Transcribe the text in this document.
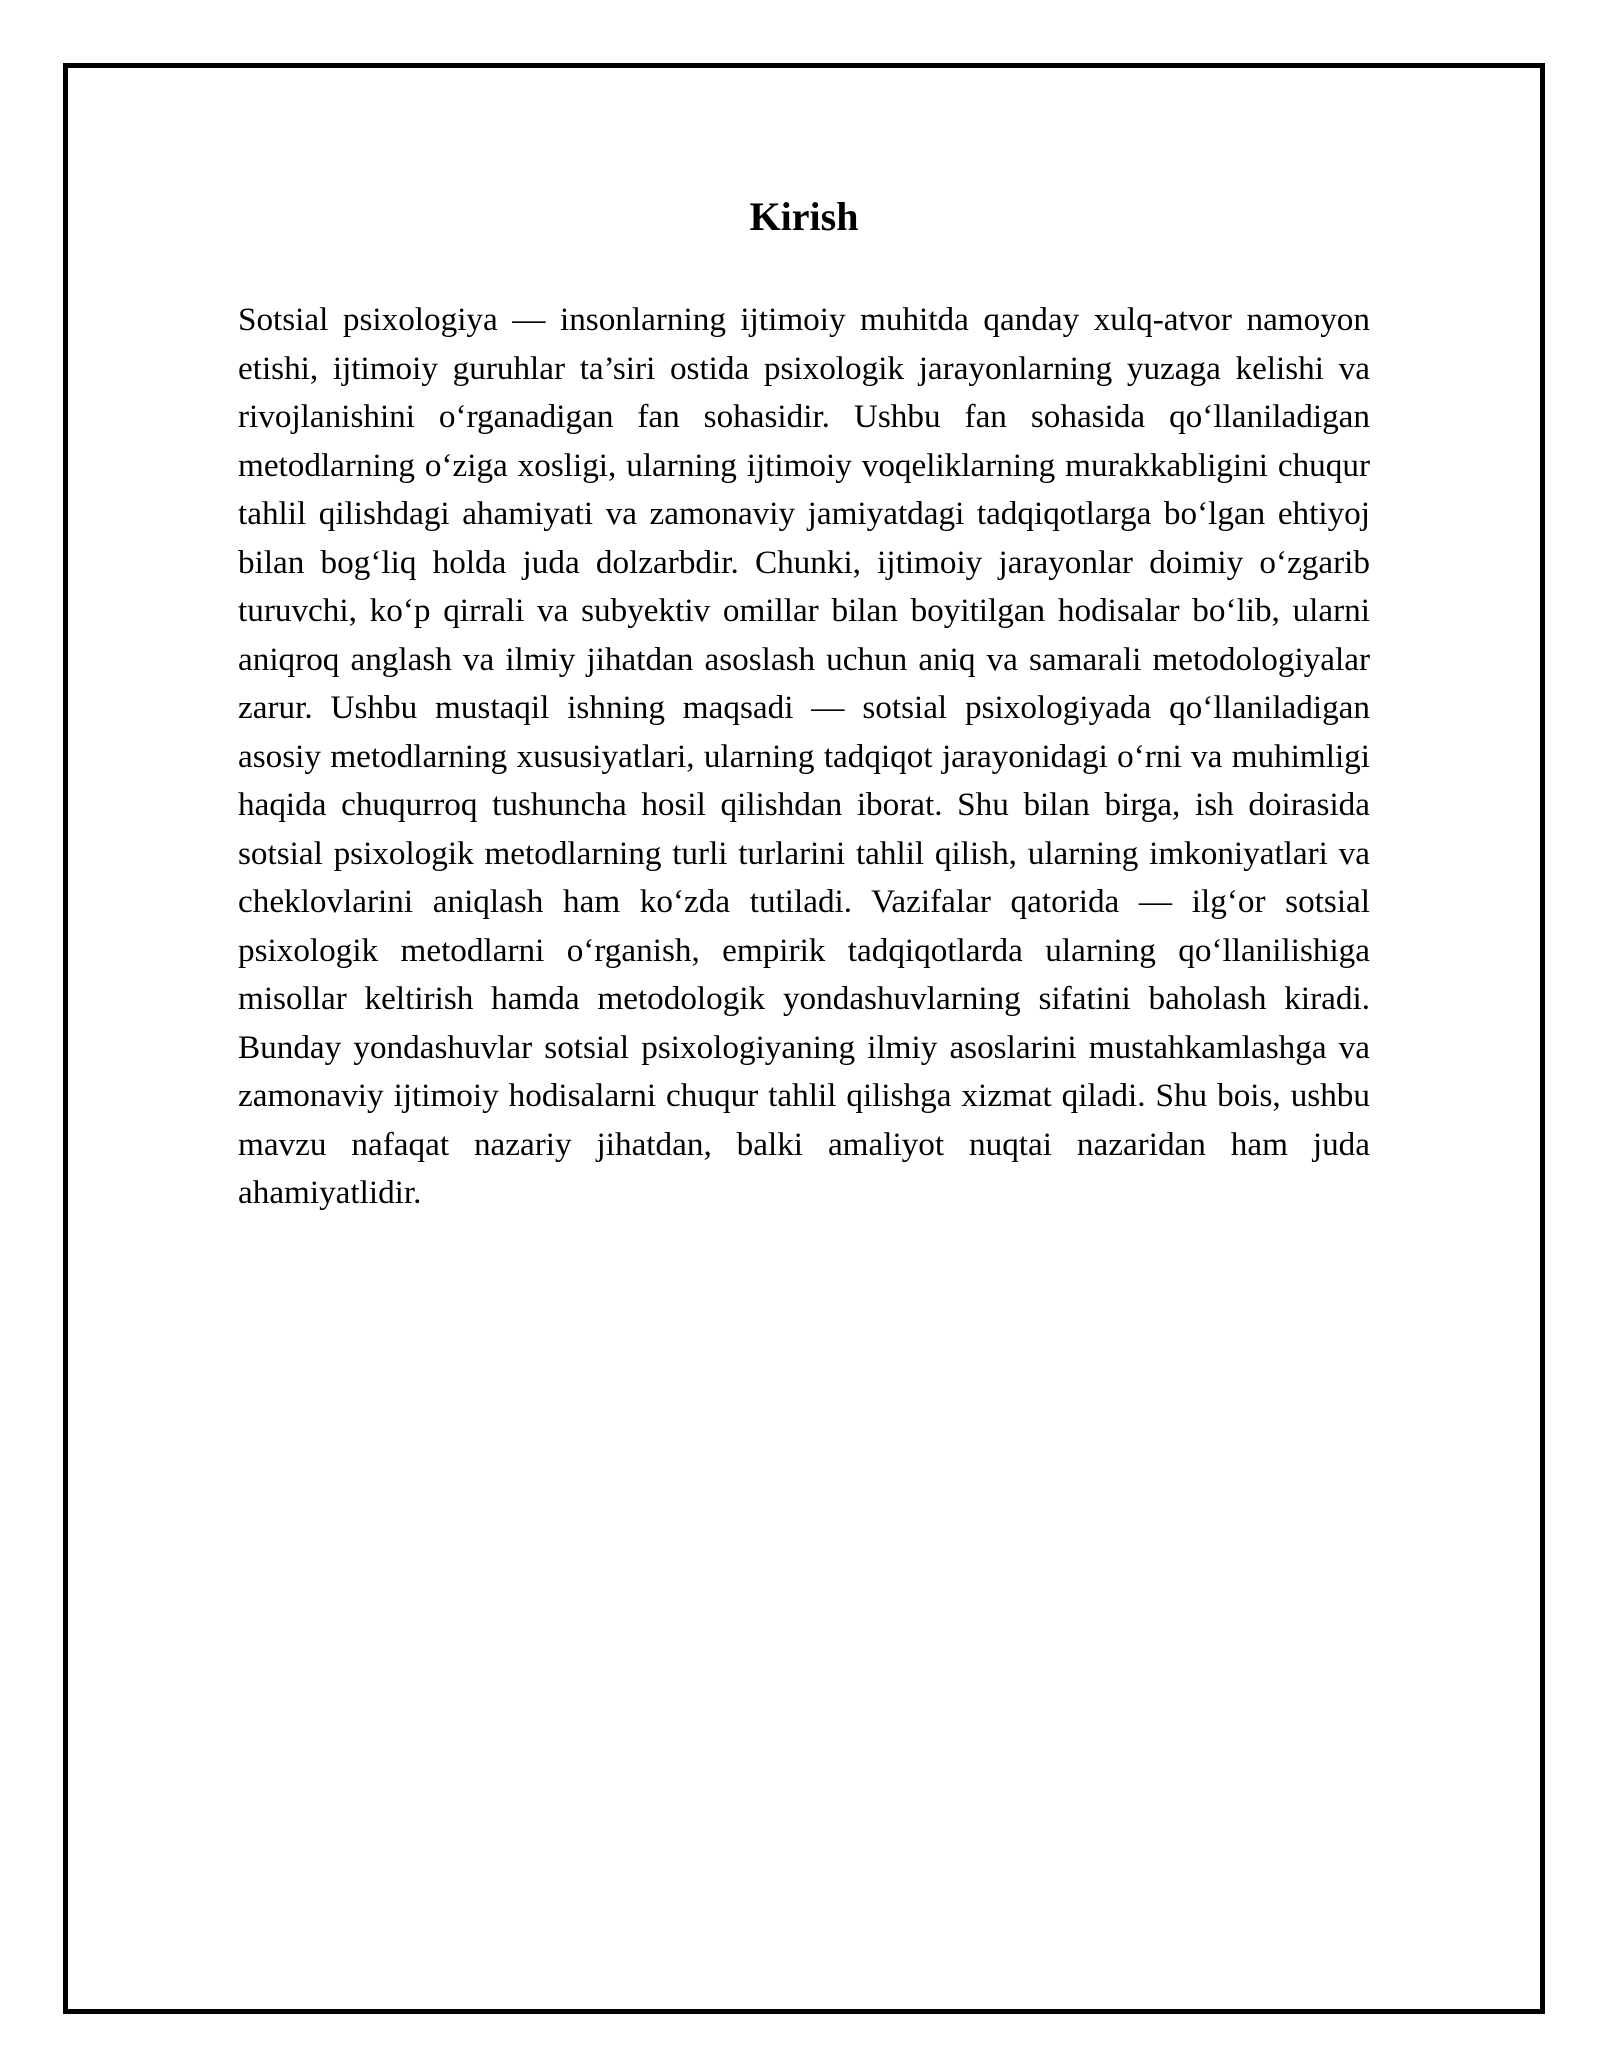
Kirish

Sotsial psixologiya — insonlarning ijtimoiy muhitda qanday xulq-atvor namoyon etishi, ijtimoiy guruhlar ta’siri ostida psixologik jarayonlarning yuzaga kelishi va rivojlanishini o‘rganadigan fan sohasidir. Ushbu fan sohasida qo‘llaniladigan metodlarning o‘ziga xosligi, ularning ijtimoiy voqeliklarning murakkabligini chuqur tahlil qilishdagi ahamiyati va zamonaviy jamiyatdagi tadqiqotlarga bo‘lgan ehtiyoj bilan bog‘liq holda juda dolzarbdir. Chunki, ijtimoiy jarayonlar doimiy o‘zgarib turuvchi, ko‘p qirrali va subyektiv omillar bilan boyitilgan hodisalar bo‘lib, ularni aniqroq anglash va ilmiy jihatdan asoslash uchun aniq va samarali metodologiyalar zarur. Ushbu mustaqil ishning maqsadi — sotsial psixologiyada qo‘llaniladigan asosiy metodlarning xususiyatlari, ularning tadqiqot jarayonidagi o‘rni va muhimligi haqida chuqurroq tushuncha hosil qilishdan iborat. Shu bilan birga, ish doirasida sotsial psixologik metodlarning turli turlarini tahlil qilish, ularning imkoniyatlari va cheklovlarini aniqlash ham ko‘zda tutiladi. Vazifalar qatorida — ilg‘or sotsial psixologik metodlarni o‘rganish, empirik tadqiqotlarda ularning qo‘llanilishiga misollar keltirish hamda metodologik yondashuvlarning sifatini baholash kiradi. Bunday yondashuvlar sotsial psixologiyaning ilmiy asoslarini mustahkamlashga va zamonaviy ijtimoiy hodisalarni chuqur tahlil qilishga xizmat qiladi. Shu bois, ushbu mavzu nafaqat nazariy jihatdan, balki amaliyot nuqtai nazaridan ham juda ahamiyatlidir.
